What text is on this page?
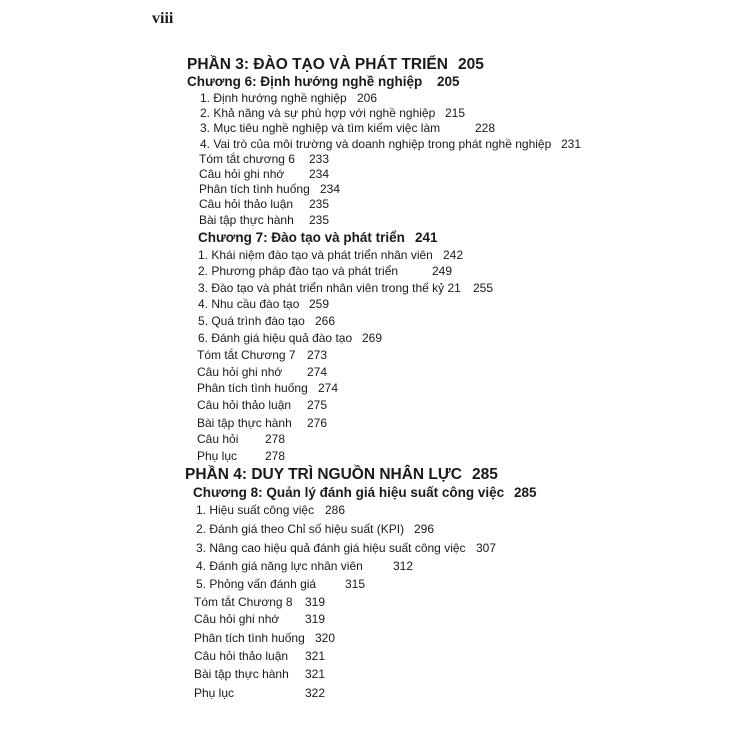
viii
PHẦN 3: ĐÀO TẠO VÀ PHÁT TRIỂN 205
Chương 6: Định hướng nghề nghiệp 205
1. Định hướng nghề nghiệp 206
2. Khả năng và sự phù hợp với nghề nghiệp 215
3. Mục tiêu nghề nghiệp và tìm kiếm việc làm	228
4. Vai trò của môi trường và doanh nghiệp trong phát nghề nghiệp 231
Tóm tắt chương 6 233
Câu hỏi ghi nhớ 234
Phân tích tình huống 234
Câu hỏi thảo luận 235
Bài tập thực hành 235
Chương 7: Đào tạo và phát triển 241
1. Khái niệm đào tạo và phát triển nhân viên 242
2. Phương pháp đào tạo và phát triển	249
3. Đào tạo và phát triển nhân viên trong thế kỷ 21 255
4. Nhu cầu đào tạo 259
5. Quá trình đào tạo 266
6. Đánh giá hiệu quả đào tạo 269
Tóm tắt Chương 7 273
Câu hỏi ghi nhớ 274
Phân tích tình huống 274
Câu hỏi thảo luận 275
Bài tập thực hành 276
Câu hỏi 278
Phụ lục 278
PHẦN 4: DUY TRÌ NGUỒN NHÂN LỰC 285
Chương 8: Quản lý đánh giá hiệu suất công việc 285
1. Hiệu suất công việc 286
2. Đánh giá theo Chỉ số hiệu suất (KPI) 296
3. Nâng cao hiệu quả đánh giá hiệu suất công việc 307
4. Đánh giá năng lực nhân viên	312
5. Phỏng vấn đánh giá 315
Tóm tắt Chương 8 319
Câu hỏi ghi nhớ 319
Phân tích tình huống 320
Câu hỏi thảo luận 321
Bài tập thực hành 321
Phụ lục	322
